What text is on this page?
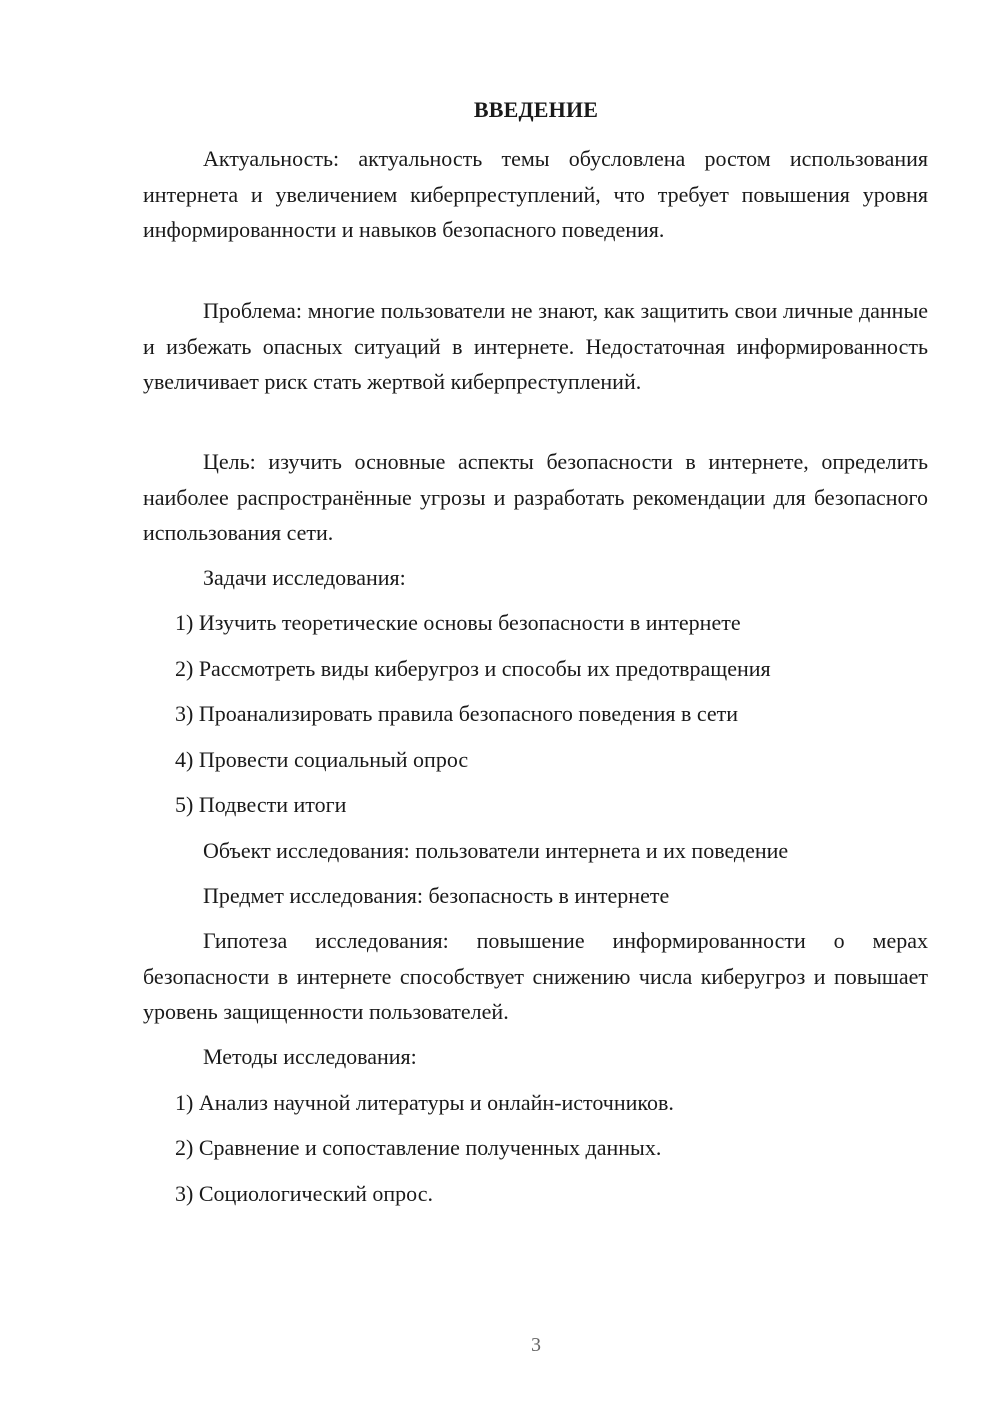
ВВЕДЕНИЕ

Актуальность: актуальность темы обусловлена ростом использования интернета и увеличением киберпреступлений, что требует повышения уровня информированности и навыков безопасного поведения.

Проблема: многие пользователи не знают, как защитить свои личные данные и избежать опасных ситуаций в интернете. Недостаточная информированность увеличивает риск стать жертвой киберпреступлений.

Цель: изучить основные аспекты безопасности в интернете, определить наиболее распространённые угрозы и разработать рекомендации для безопасного использования сети.

Задачи исследования:
1) Изучить теоретические основы безопасности в интернете
2) Рассмотреть виды киберугроз и способы их предотвращения
3) Проанализировать правила безопасного поведения в сети
4) Провести социальный опрос
5) Подвести итоги
Объект исследования: пользователи интернета и их поведение
Предмет исследования: безопасность в интернете

Гипотеза исследования: повышение информированности о мерах безопасности в интернете способствует снижению числа киберугроз и повышает уровень защищенности пользователей.

Методы исследования:
1) Анализ научной литературы и онлайн-источников.
2) Сравнение и сопоставление полученных данных.
3) Социологический опрос.
3
